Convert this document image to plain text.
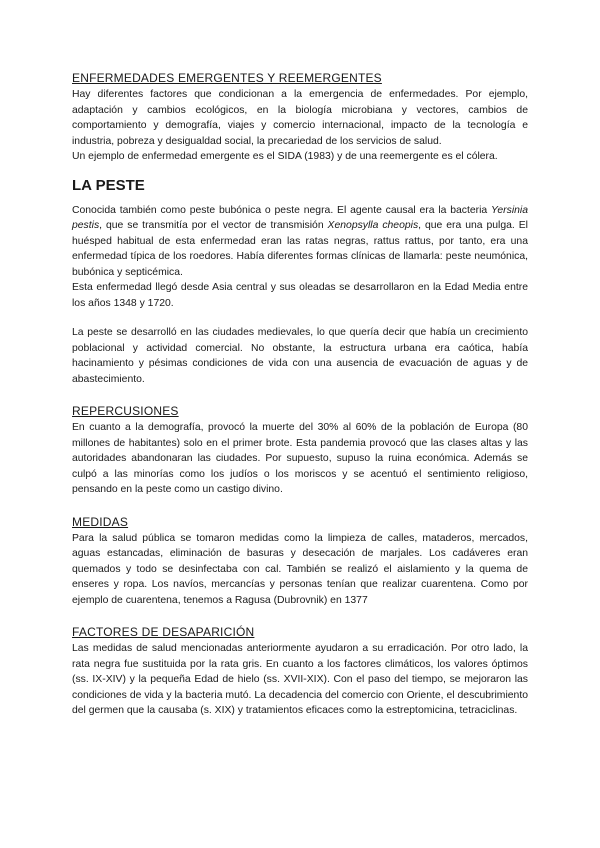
ENFERMEDADES EMERGENTES Y REEMERGENTES

Hay diferentes factores que condicionan a la emergencia de enfermedades. Por ejemplo, adaptación y cambios ecológicos, en la biología microbiana y vectores, cambios de comportamiento y demografía, viajes y comercio internacional, impacto de la tecnología e industria, pobreza y desigualdad social, la precariedad de los servicios de salud.

Un ejemplo de enfermedad emergente es el SIDA (1983) y de una reemergente es el cólera.

LA PESTE

Conocida también como peste bubónica o peste negra. El agente causal era la bacteria Yersinia pestis, que se transmitía por el vector de transmisión Xenopsylla cheopis, que era una pulga. El huésped habitual de esta enfermedad eran las ratas negras, rattus rattus, por tanto, era una enfermedad típica de los roedores. Había diferentes formas clínicas de llamarla: peste neumónica, bubónica y septicémica.

Esta enfermedad llegó desde Asia central y sus oleadas se desarrollaron en la Edad Media entre los años 1348 y 1720.

La peste se desarrolló en las ciudades medievales, lo que quería decir que había un crecimiento poblacional y actividad comercial. No obstante, la estructura urbana era caótica, había hacinamiento y pésimas condiciones de vida con una ausencia de evacuación de aguas y de abastecimiento.

REPERCUSIONES

En cuanto a la demografía, provocó la muerte del 30% al 60% de la población de Europa (80 millones de habitantes) solo en el primer brote. Esta pandemia provocó que las clases altas y las autoridades abandonaran las ciudades. Por supuesto, supuso la ruina económica. Además se culpó a las minorías como los judíos o los moriscos y se acentuó el sentimiento religioso, pensando en la peste como un castigo divino.

MEDIDAS

Para la salud pública se tomaron medidas como la limpieza de calles, mataderos, mercados, aguas estancadas, eliminación de basuras y desecación de marjales. Los cadáveres eran quemados y todo se desinfectaba con cal. También se realizó el aislamiento y la quema de enseres y ropa. Los navíos, mercancías y personas tenían que realizar cuarentena. Como por ejemplo de cuarentena, tenemos a Ragusa (Dubrovnik) en 1377

FACTORES DE DESAPARICIÓN

Las medidas de salud mencionadas anteriormente ayudaron a su erradicación. Por otro lado, la rata negra fue sustituida por la rata gris. En cuanto a los factores climáticos, los valores óptimos (ss. IX-XIV) y la pequeña Edad de hielo (ss. XVII-XIX). Con el paso del tiempo, se mejoraron las condiciones de vida y la bacteria mutó. La decadencia del comercio con Oriente, el descubrimiento del germen que la causaba (s. XIX) y tratamientos eficaces como la estreptomicina, tetraciclinas.
